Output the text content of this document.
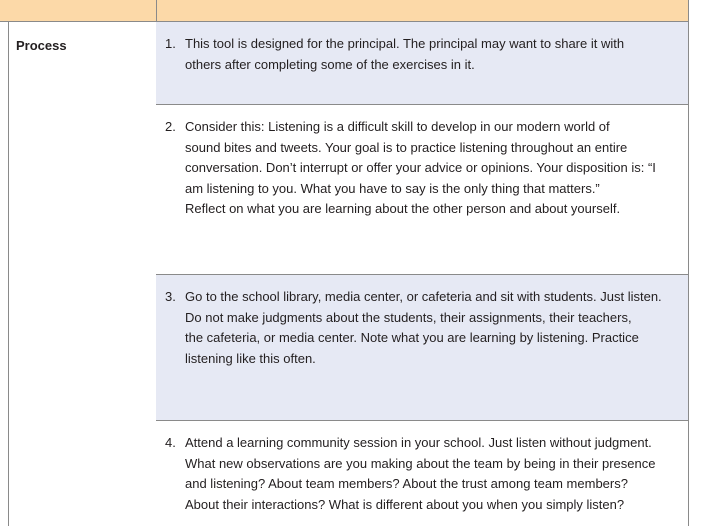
Process	1. This tool is designed for the principal. The principal may want to share it with
others after completing some of the exercises in it.
2. Consider this: Listening is a difficult skill to develop in our modern world of
sound bites and tweets. Your goal is to practice listening throughout an entire
conversation. Don’t interrupt or offer your advice or opinions. Your disposition is: “I
am listening to you. What you have to say is the only thing that matters.”
Reflect on what you are learning about the other person and about yourself.
3. Go to the school library, media center, or cafeteria and sit with students. Just listen.
Do not make judgments about the students, their assignments, their teachers,
the cafeteria, or media center. Note what you are learning by listening. Practice
listening like this often.
4. Attend a learning community session in your school. Just listen without judgment.
What new observations are you making about the team by being in their presence
and listening? About team members? About the trust among team members?
About their interactions? What is different about you when you simply listen?
